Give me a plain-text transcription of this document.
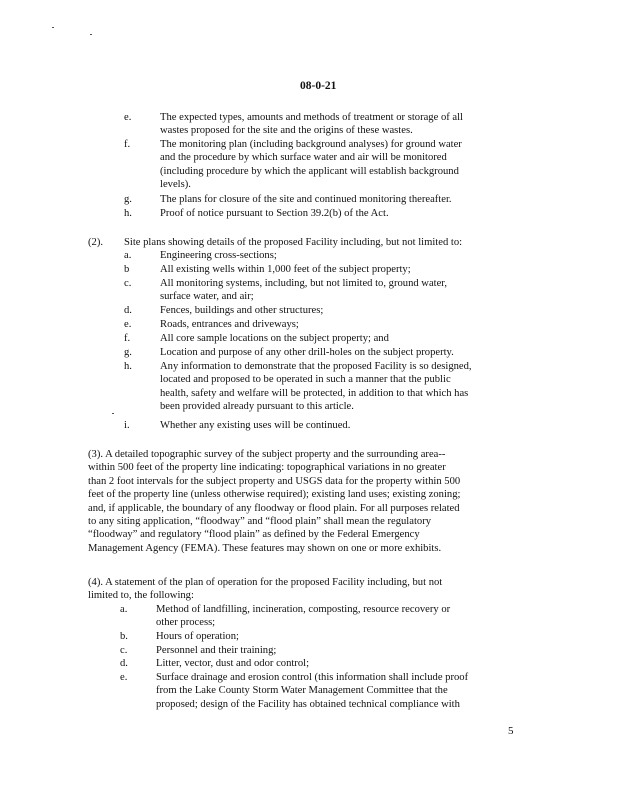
08-0-21
5
e.	The expected types, amounts and methods of treatment or storage of all
wastes proposed for the site and the origins of these wastes.
f.	The monitoring plan (including background analyses) for ground water
and the procedure by which surface water and air will be monitored
(including procedure by which the applicant will establish background
levels).
g.	The plans for closure of the site and continued monitoring thereafter.
h.	Proof of notice pursuant to Section 39.2(b) of the Act.
(2). Site plans showing details of the proposed Facility including, but not limited to:
a.	Engineering cross-sections;
b	All existing wells within 1,000 feet of the subject property;
c.	All monitoring systems, including, but not limited to, ground water,
surface water, and air;
d.	Fences, buildings and other structures;
e.	Roads, entrances and driveways;
f.	All core sample locations on the subject property; and
g.	Location and purpose of any other drill-holes on the subject property.
h.	Any information to demonstrate that the proposed Facility is so designed,
located and proposed to be operated in such a manner that the public
health, safety and welfare will be protected, in addition to that which has
been provided already pursuant to this article.
i.	Whether any existing uses will be continued.
(3). A detailed topographic survey of the subject property and the surrounding area--
within 500 feet of the property line indicating: topographical variations in no greater
than 2 foot intervals for the subject property and USGS data for the property within 500
feet of the property line (unless otherwise required); existing land uses; existing zoning;
and, if applicable, the boundary of any floodway or flood plain. For all purposes related
to any siting application, “floodway” and “flood plain” shall mean the regulatory
“floodway” and regulatory “flood plain” as defined by the Federal Emergency
Management Agency (FEMA). These features may shown on one or more exhibits.
(4). A statement of the plan of operation for the proposed Facility including, but not
limited to, the following:
a.	Method of landfilling, incineration, composting, resource recovery or
other process;
b.	Hours of operation;
c.	Personnel and their training;
d.	Litter, vector, dust and odor control;
e.	Surface drainage and erosion control (this information shall include proof
from the Lake County Storm Water Management Committee that the
proposed; design of the Facility has obtained technical compliance with
